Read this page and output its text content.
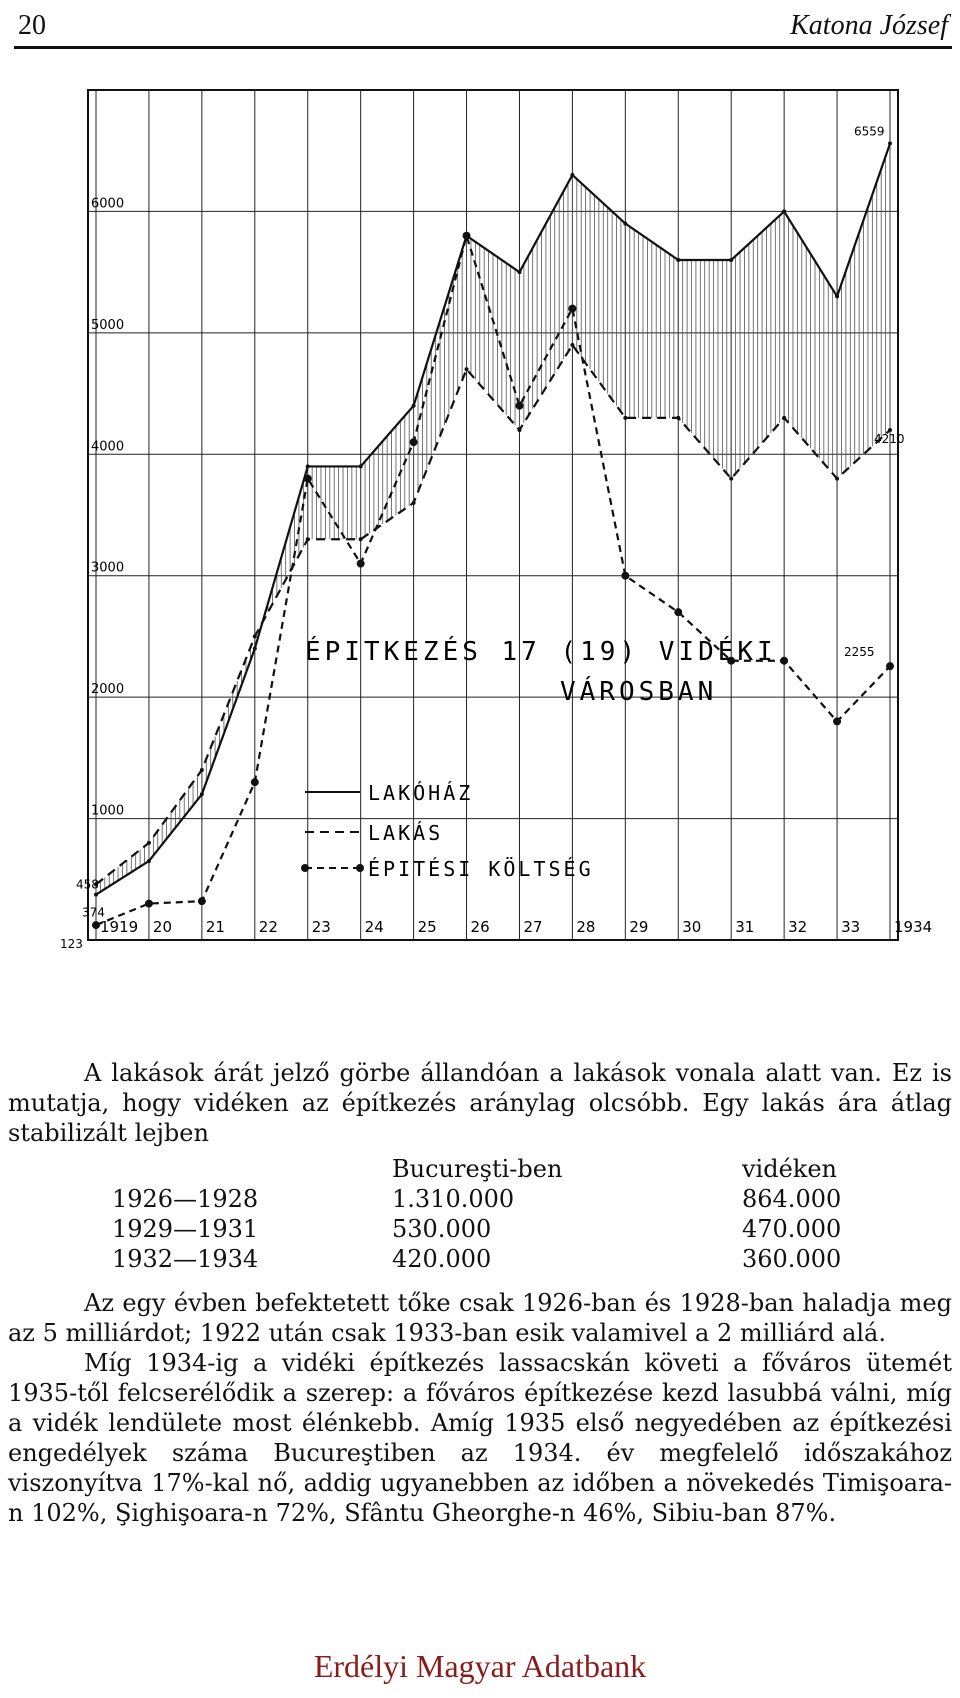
20	Katona József
6000
5000
4000
3000
2000
1000
1919 20 21 22 23 24 25 26 27 28 29 30 31 32 33 1934
6559
4210
458
374
123
2255
ÉPITKEZÉS 17 (19) VIDÉKI
VÁROSBAN
LAKÓHÁZ
LAKÁS
ÉPITÉSI KÖLTSÉG

A lakások árát jelző görbe állandóan a lakások vonala alatt van. Ez is mutatja, hogy vidéken az építkezés aránylag olcsóbb. Egy lakás ára átlag stabilizált lejben

	Bucureşti-ben	vidéken
1926—1928	1.310.000	864.000
1929—1931	530.000	470.000
1932—1934	420.000	360.000

Az egy évben befektetett tőke csak 1926-ban és 1928-ban haladja meg az 5 milliárdot; 1922 után csak 1933-ban esik valamivel a 2 milliárd alá.

Míg 1934-ig a vidéki építkezés lassacskán követi a főváros ütemét 1935-től felcserélődik a szerep: a főváros építkezése kezd lasubbá válni, míg a vidék lendülete most élénkebb. Amíg 1935 első negyedében az építkezési engedélyek száma Bucureştiben az 1934. év megfelelő időszakához viszonyítva 17%-kal nő, addig ugyanebben az időben a növekedés Timişoara-n 102%, Şighişoara-n 72%, Sfântu Gheorghe-n 46%, Sibiu-ban 87%.

Erdélyi Magyar Adatbank
